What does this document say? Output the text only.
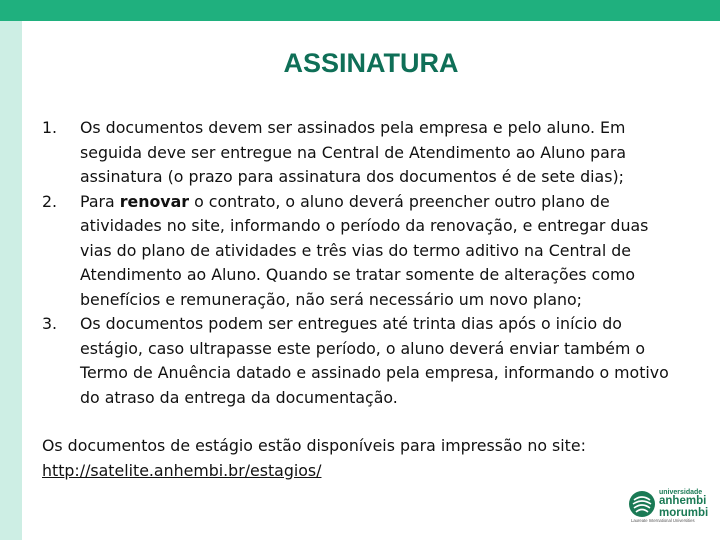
ASSINATURA
1.	Os documentos devem ser assinados pela empresa e pelo aluno. Em seguida deve ser entregue na Central de Atendimento ao Aluno para assinatura (o prazo para assinatura dos documentos é de sete dias);
2.	Para renovar o contrato, o aluno deverá preencher outro plano de atividades no site, informando o período da renovação, e entregar duas vias do plano de atividades e três vias do termo aditivo na Central de Atendimento ao Aluno. Quando se tratar somente de alterações como benefícios e remuneração, não será necessário um novo plano;
3.	Os documentos podem ser entregues até trinta dias após o início do estágio, caso ultrapasse este período, o aluno deverá enviar também o Termo de Anuência datado e assinado pela empresa, informando o motivo do atraso da entrega da documentação.
Os documentos de estágio estão disponíveis para impressão no site:
http://satelite.anhembi.br/estagios/
universidade
anhembi
morumbi
Laureate International Universities
